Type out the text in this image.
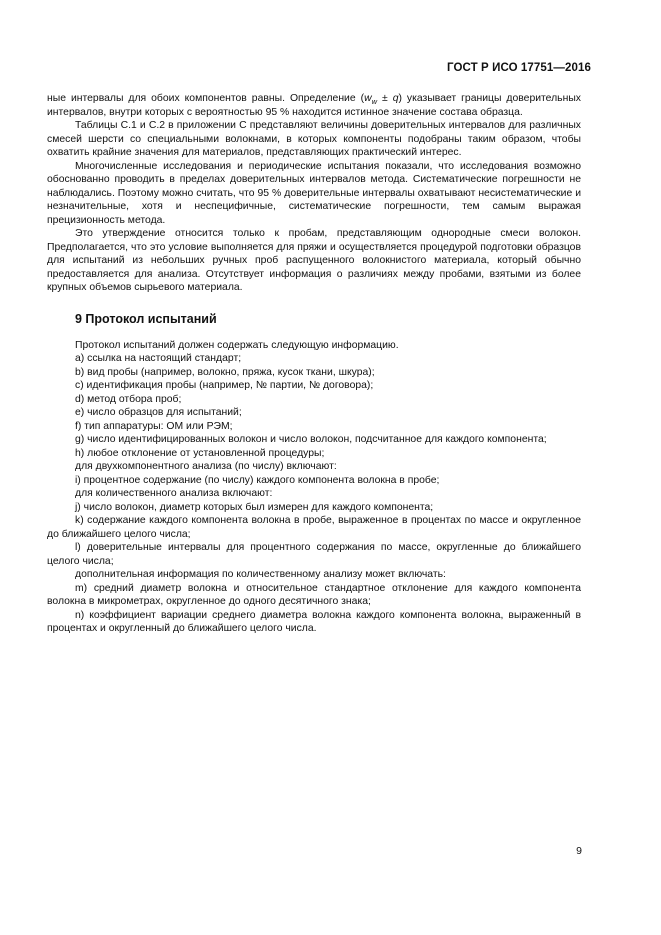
ГОСТ Р ИСО 17751—2016

ные интервалы для обоих компонентов равны. Определение $(w_w \pm q)$ указывает границы доверительных интервалов, внутри которых с вероятностью 95 % находится истинное значение состава образца.

Таблицы C.1 и C.2 в приложении C представляют величины доверительных интервалов для различных смесей шерсти со специальными волокнами, в которых компоненты подобраны таким образом, чтобы охватить крайние значения для материалов, представляющих практический интерес.

Многочисленные исследования и периодические испытания показали, что исследования возможно обоснованно проводить в пределах доверительных интервалов метода. Систематические погрешности не наблюдались. Поэтому можно считать, что 95 % доверительные интервалы охватывают несистематические и незначительные, хотя и неспецифичные, систематические погрешности, тем самым выражая прецизионность метода.

Это утверждение относится только к пробам, представляющим однородные смеси волокон. Предполагается, что это условие выполняется для пряжи и осуществляется процедурой подготовки образцов для испытаний из небольших ручных проб распущенного волокнистого материала, который обычно предоставляется для анализа. Отсутствует информация о различиях между пробами, взятыми из более крупных объемов сырьевого материала.

9 Протокол испытаний

Протокол испытаний должен содержать следующую информацию.

a) ссылка на настоящий стандарт;

b) вид пробы (например, волокно, пряжа, кусок ткани, шкура);

c) идентификация пробы (например, № партии, № договора);

d) метод отбора проб;

e) число образцов для испытаний;

f) тип аппаратуры: ОМ или РЭМ;

g) число идентифицированных волокон и число волокон, подсчитанное для каждого компонента;

h) любое отклонение от установленной процедуры;

для двухкомпонентного анализа (по числу) включают:

i) процентное содержание (по числу) каждого компонента волокна в пробе;

для количественного анализа включают:

j) число волокон, диаметр которых был измерен для каждого компонента;

k) содержание каждого компонента волокна в пробе, выраженное в процентах по массе и округленное до ближайшего целого числа;

l) доверительные интервалы для процентного содержания по массе, округленные до ближайшего целого числа;

дополнительная информация по количественному анализу может включать:

m) средний диаметр волокна и относительное стандартное отклонение для каждого компонента волокна в микрометрах, округленное до одного десятичного знака;

n) коэффициент вариации среднего диаметра волокна каждого компонента волокна, выраженный в процентах и округленный до ближайшего целого числа.

9
